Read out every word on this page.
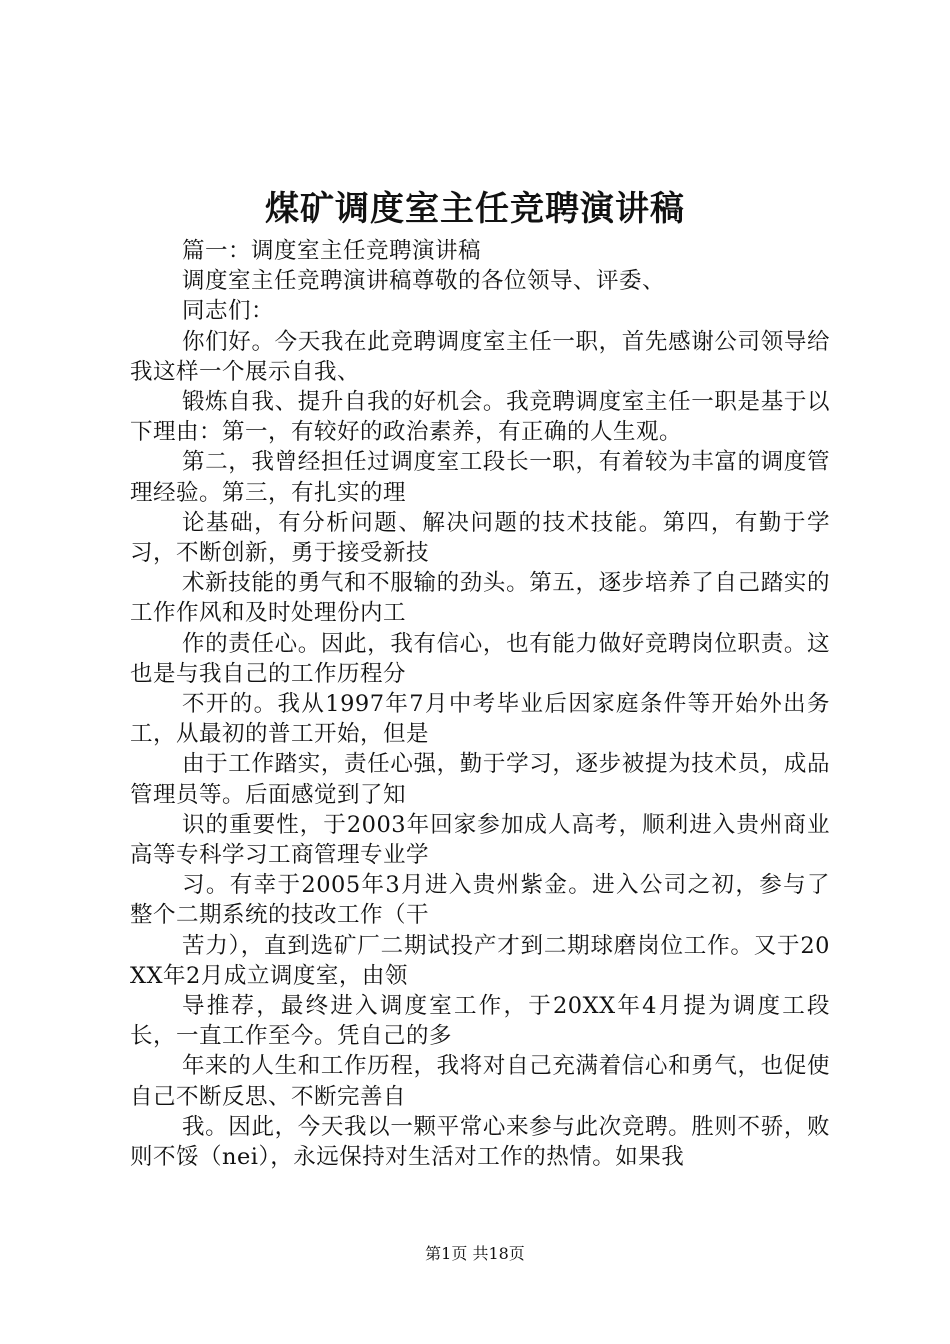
煤矿调度室主任竞聘演讲稿

篇一：调度室主任竞聘演讲稿

调度室主任竞聘演讲稿尊敬的各位领导、评委、

同志们：

你们好。今天我在此竞聘调度室主任一职，首先感谢公司领导给我这样一个展示自我、

锻炼自我、提升自我的好机会。我竞聘调度室主任一职是基于以下理由：第一，有较好的政治素养，有正确的人生观。

第二，我曾经担任过调度室工段长一职，有着较为丰富的调度管理经验。第三，有扎实的理

论基础，有分析问题、解决问题的技术技能。第四，有勤于学习，不断创新，勇于接受新技

术新技能的勇气和不服输的劲头。第五，逐步培养了自己踏实的工作作风和及时处理份内工

作的责任心。因此，我有信心，也有能力做好竞聘岗位职责。这也是与我自己的工作历程分

不开的。我从1997年7月中考毕业后因家庭条件等开始外出务工，从最初的普工开始，但是

由于工作踏实，责任心强，勤于学习，逐步被提为技术员，成品管理员等。后面感觉到了知

识的重要性，于2003年回家参加成人高考，顺利进入贵州商业高等专科学习工商管理专业学

习。有幸于2005年3月进入贵州紫金。进入公司之初，参与了整个二期系统的技改工作（干

苦力），直到选矿厂二期试投产才到二期球磨岗位工作。又于20XX年2月成立调度室，由领

导推荐，最终进入调度室工作，于20XX年4月提为调度工段长，一直工作至今。凭自己的多

年来的人生和工作历程，我将对自己充满着信心和勇气，也促使自己不断反思、不断完善自

我。因此，今天我以一颗平常心来参与此次竞聘。胜则不骄，败则不馁（nei），永远保持对生活对工作的热情。如果我

第1页 共18页
